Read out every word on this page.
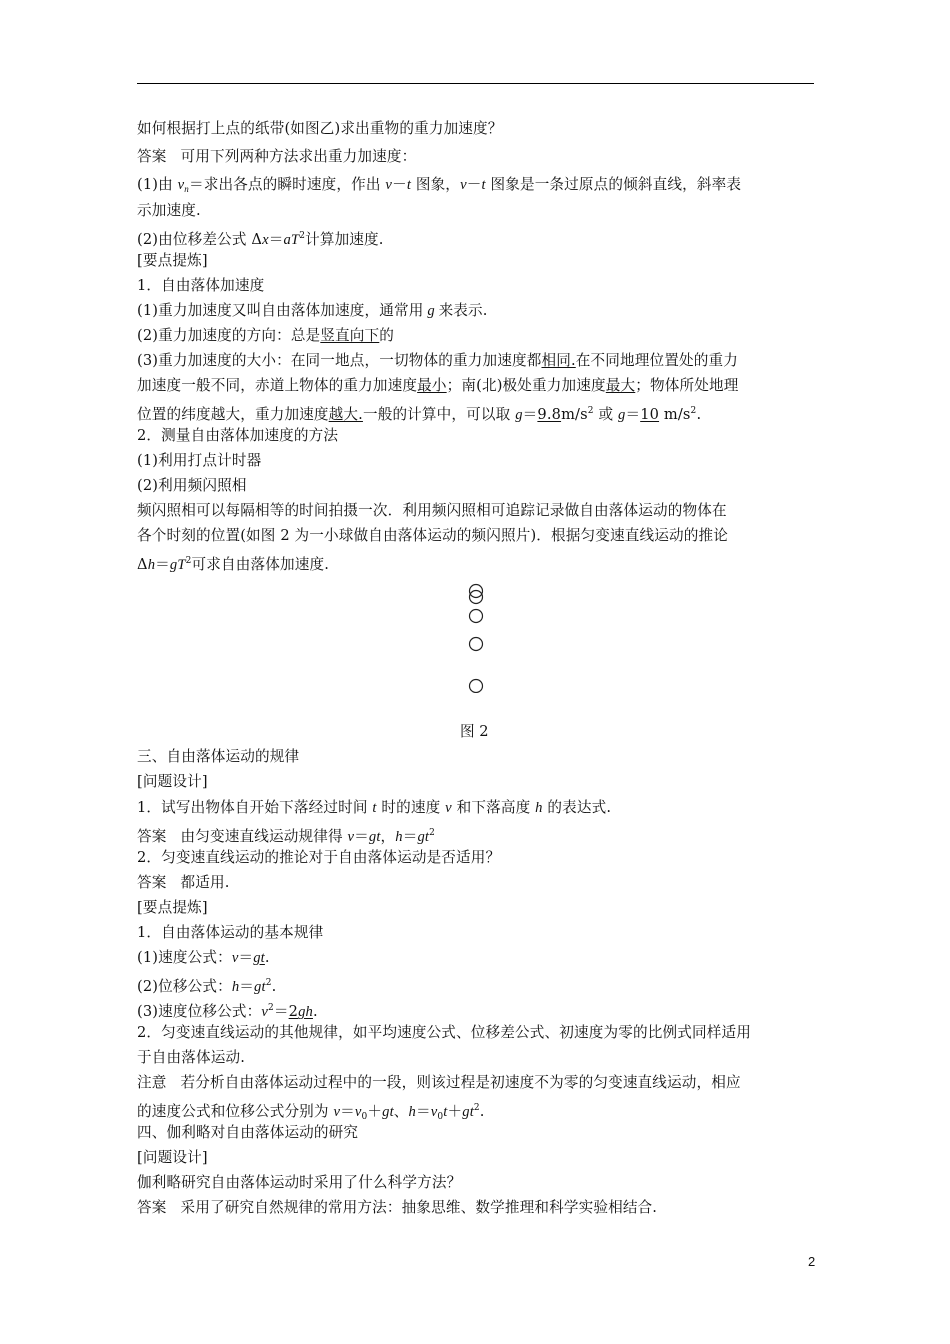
如何根据打上点的纸带(如图乙)求出重物的重力加速度？
答案 可用下列两种方法求出重力加速度：
(1)由 $v_n=$求出各点的瞬时速度，作出 v－t 图象，v－t 图象是一条过原点的倾斜直线，斜率表
示加速度.
(2)由位移差公式 $\Delta x=aT^2$计算加速度.
[要点提炼]
1．自由落体加速度
(1)重力加速度又叫自由落体加速度，通常用 g 来表示.
(2)重力加速度的方向：总是竖直向下的
(3)重力加速度的大小：在同一地点，一切物体的重力加速度都相同.在不同地理位置处的重力
加速度一般不同，赤道上物体的重力加速度最小；南(北)极处重力加速度最大；物体所处地理
位置的纬度越大，重力加速度越大.一般的计算中，可以取 $g=9.8m/s^2$ 或 g＝10 $m/s^2$.
2．测量自由落体加速度的方法
(1)利用打点计时器
(2)利用频闪照相
频闪照相可以每隔相等的时间拍摄一次．利用频闪照相可追踪记录做自由落体运动的物体在
各个时刻的位置(如图 2 为一小球做自由落体运动的频闪照片)．根据匀变速直线运动的推论
$\Delta h=gT^2$可求自由落体加速度.
图 2
三、自由落体运动的规律
[问题设计]
1．试写出物体自开始下落经过时间 t 时的速度 v 和下落高度 h 的表达式.
答案 由匀变速直线运动规律得 v＝gt，$h=gt^2$
2．匀变速直线运动的推论对于自由落体运动是否适用？
答案 都适用.
[要点提炼]
1．自由落体运动的基本规律
(1)速度公式：v＝gt.
(2)位移公式：$h=gt^2$.
(3)速度位移公式：$v^2=2gh$.
2．匀变速直线运动的其他规律，如平均速度公式、位移差公式、初速度为零的比例式同样适用
于自由落体运动.
注意 若分析自由落体运动过程中的一段，则该过程是初速度不为零的匀变速直线运动，相应
的速度公式和位移公式分别为 $v=v_0+gt$、$h=v_0t+gt^2$.
四、伽利略对自由落体运动的研究
[问题设计]
伽利略研究自由落体运动时采用了什么科学方法？
答案 采用了研究自然规律的常用方法：抽象思维、数学推理和科学实验相结合.
2
